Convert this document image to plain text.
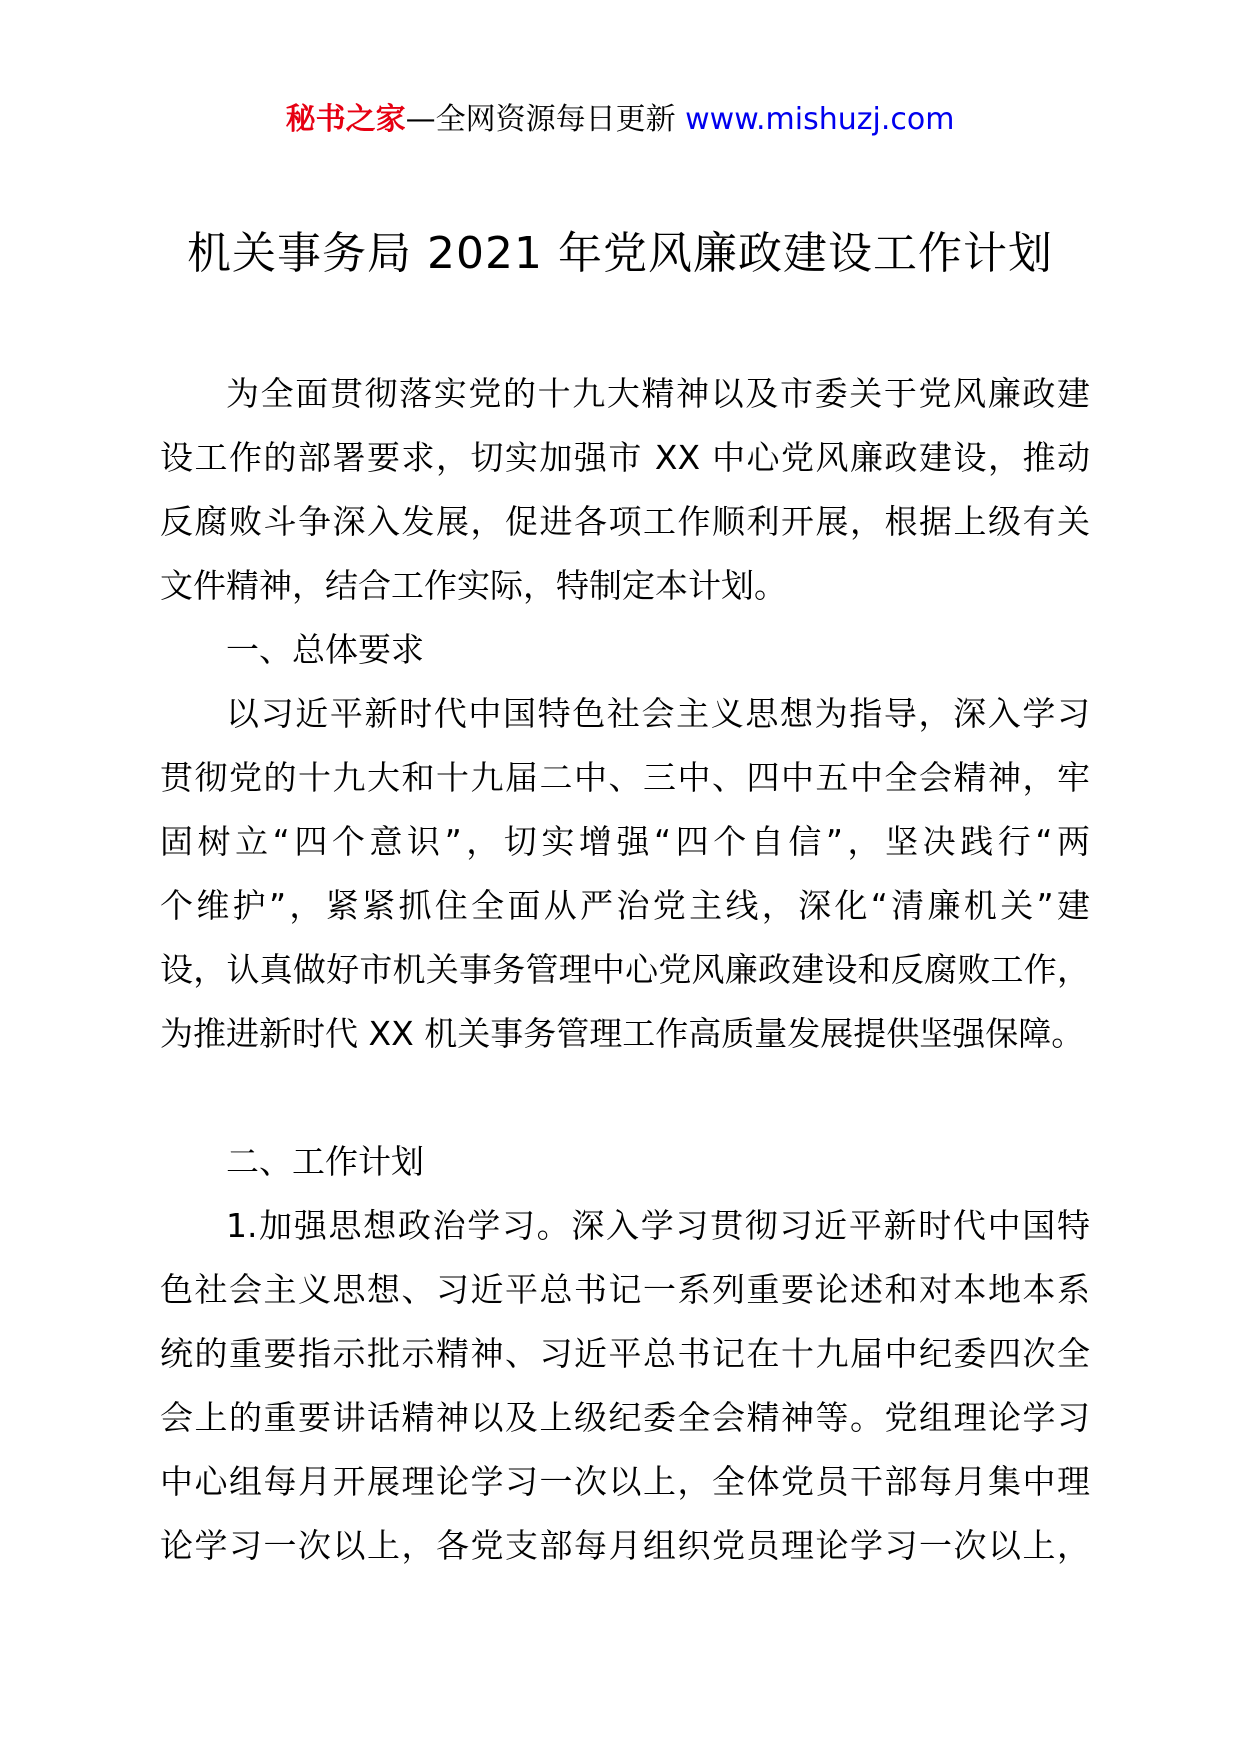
秘书之家—全网资源每日更新 www.mishuzj.com
机关事务局 2021 年党风廉政建设工作计划
为全面贯彻落实党的十九大精神以及市委关于党风廉政建
设工作的部署要求，切实加强市 XX 中心党风廉政建设，推动
反腐败斗争深入发展，促进各项工作顺利开展，根据上级有关
文件精神，结合工作实际，特制定本计划。
一、总体要求
以习近平新时代中国特色社会主义思想为指导，深入学习
贯彻党的十九大和十九届二中、三中、四中五中全会精神，牢
固树立“四个意识”，切实增强“四个自信”，坚决践行“两
个维护”，紧紧抓住全面从严治党主线，深化“清廉机关”建
设，认真做好市机关事务管理中心党风廉政建设和反腐败工作，
为推进新时代 XX 机关事务管理工作高质量发展提供坚强保障。
二、工作计划
1.加强思想政治学习。深入学习贯彻习近平新时代中国特
色社会主义思想、习近平总书记一系列重要论述和对本地本系
统的重要指示批示精神、习近平总书记在十九届中纪委四次全
会上的重要讲话精神以及上级纪委全会精神等。党组理论学习
中心组每月开展理论学习一次以上，全体党员干部每月集中理
论学习一次以上，各党支部每月组织党员理论学习一次以上，
